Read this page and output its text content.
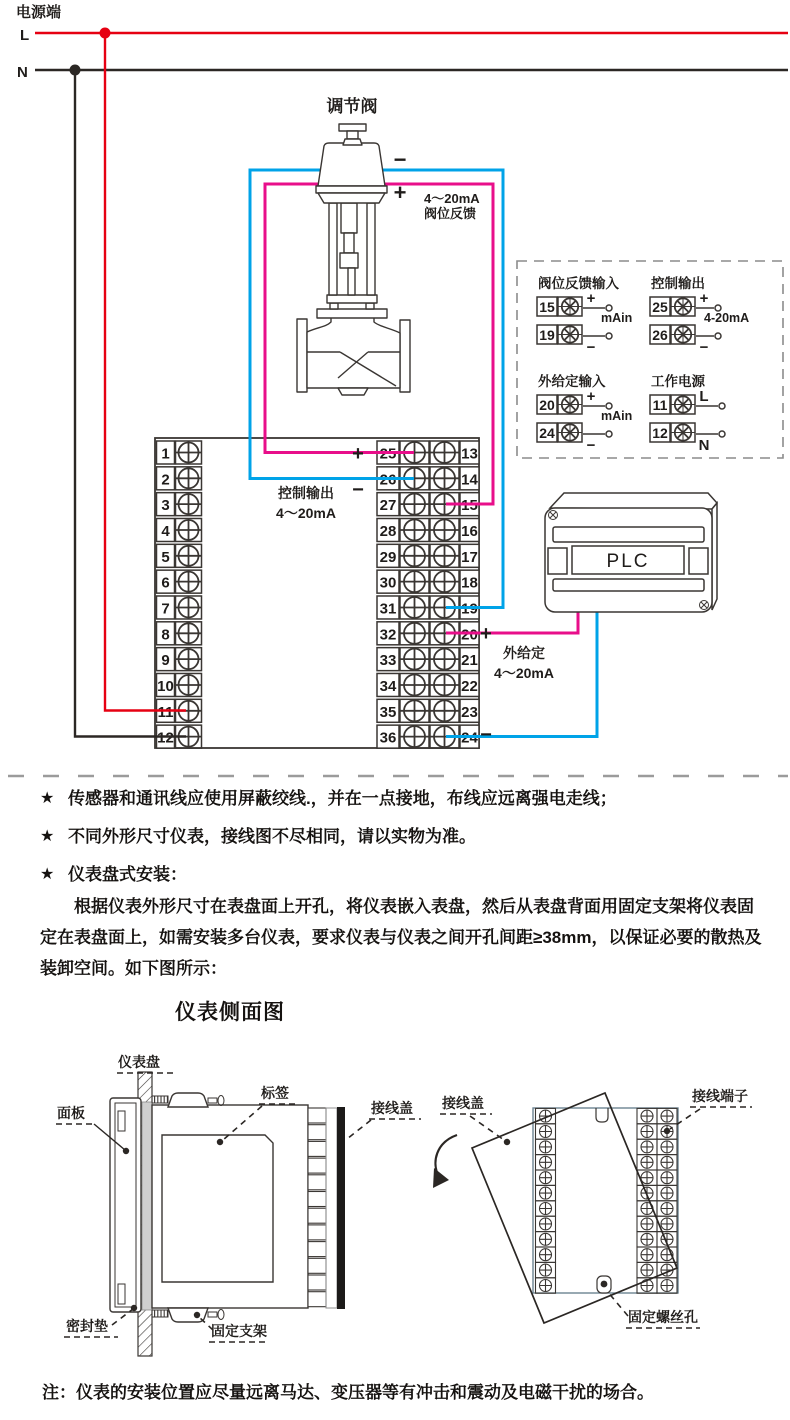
电源端
L
N
1	25	13
2	26	14
3	27	15
4	28	16
5	29	17
6	30	18
7	31	19
8	32	20
9	33	21
10	34	22
11	35	23
12	36	24
调节阀
−
+ 4～20mA
阀位反馈
+
−
控制输出
4～20mA
+
−
外给定
4～20mA
PLC
阀位反馈输入
15 +
19
−
mAin
控制输出
25 +
26
−
4-20mA
外给定输入
20 +
24
−
mAin
工作电源
11 L
12
N
★ 传感器和通讯线应使用屏蔽绞线.，并在一点接地，布线应远离强电走线；
★ 不同外形尺寸仪表，接线图不尽相同，请以实物为准。
★ 仪表盘式安装：
根据仪表外形尺寸在表盘面上开孔，将仪表嵌入表盘，然后从表盘背面用固定支架将仪表固定在表盘面上，如需安装多台仪表，要求仪表与仪表之间开孔间距≥38mm，以保证必要的散热及装卸空间。如下图所示：
仪表侧面图
仪表盘
面板
标签
接线盖
密封垫	固定支架
接线盖	接线端子
固定螺丝孔
注：仪表的安装位置应尽量远离马达、变压器等有冲击和震动及电磁干扰的场合。
